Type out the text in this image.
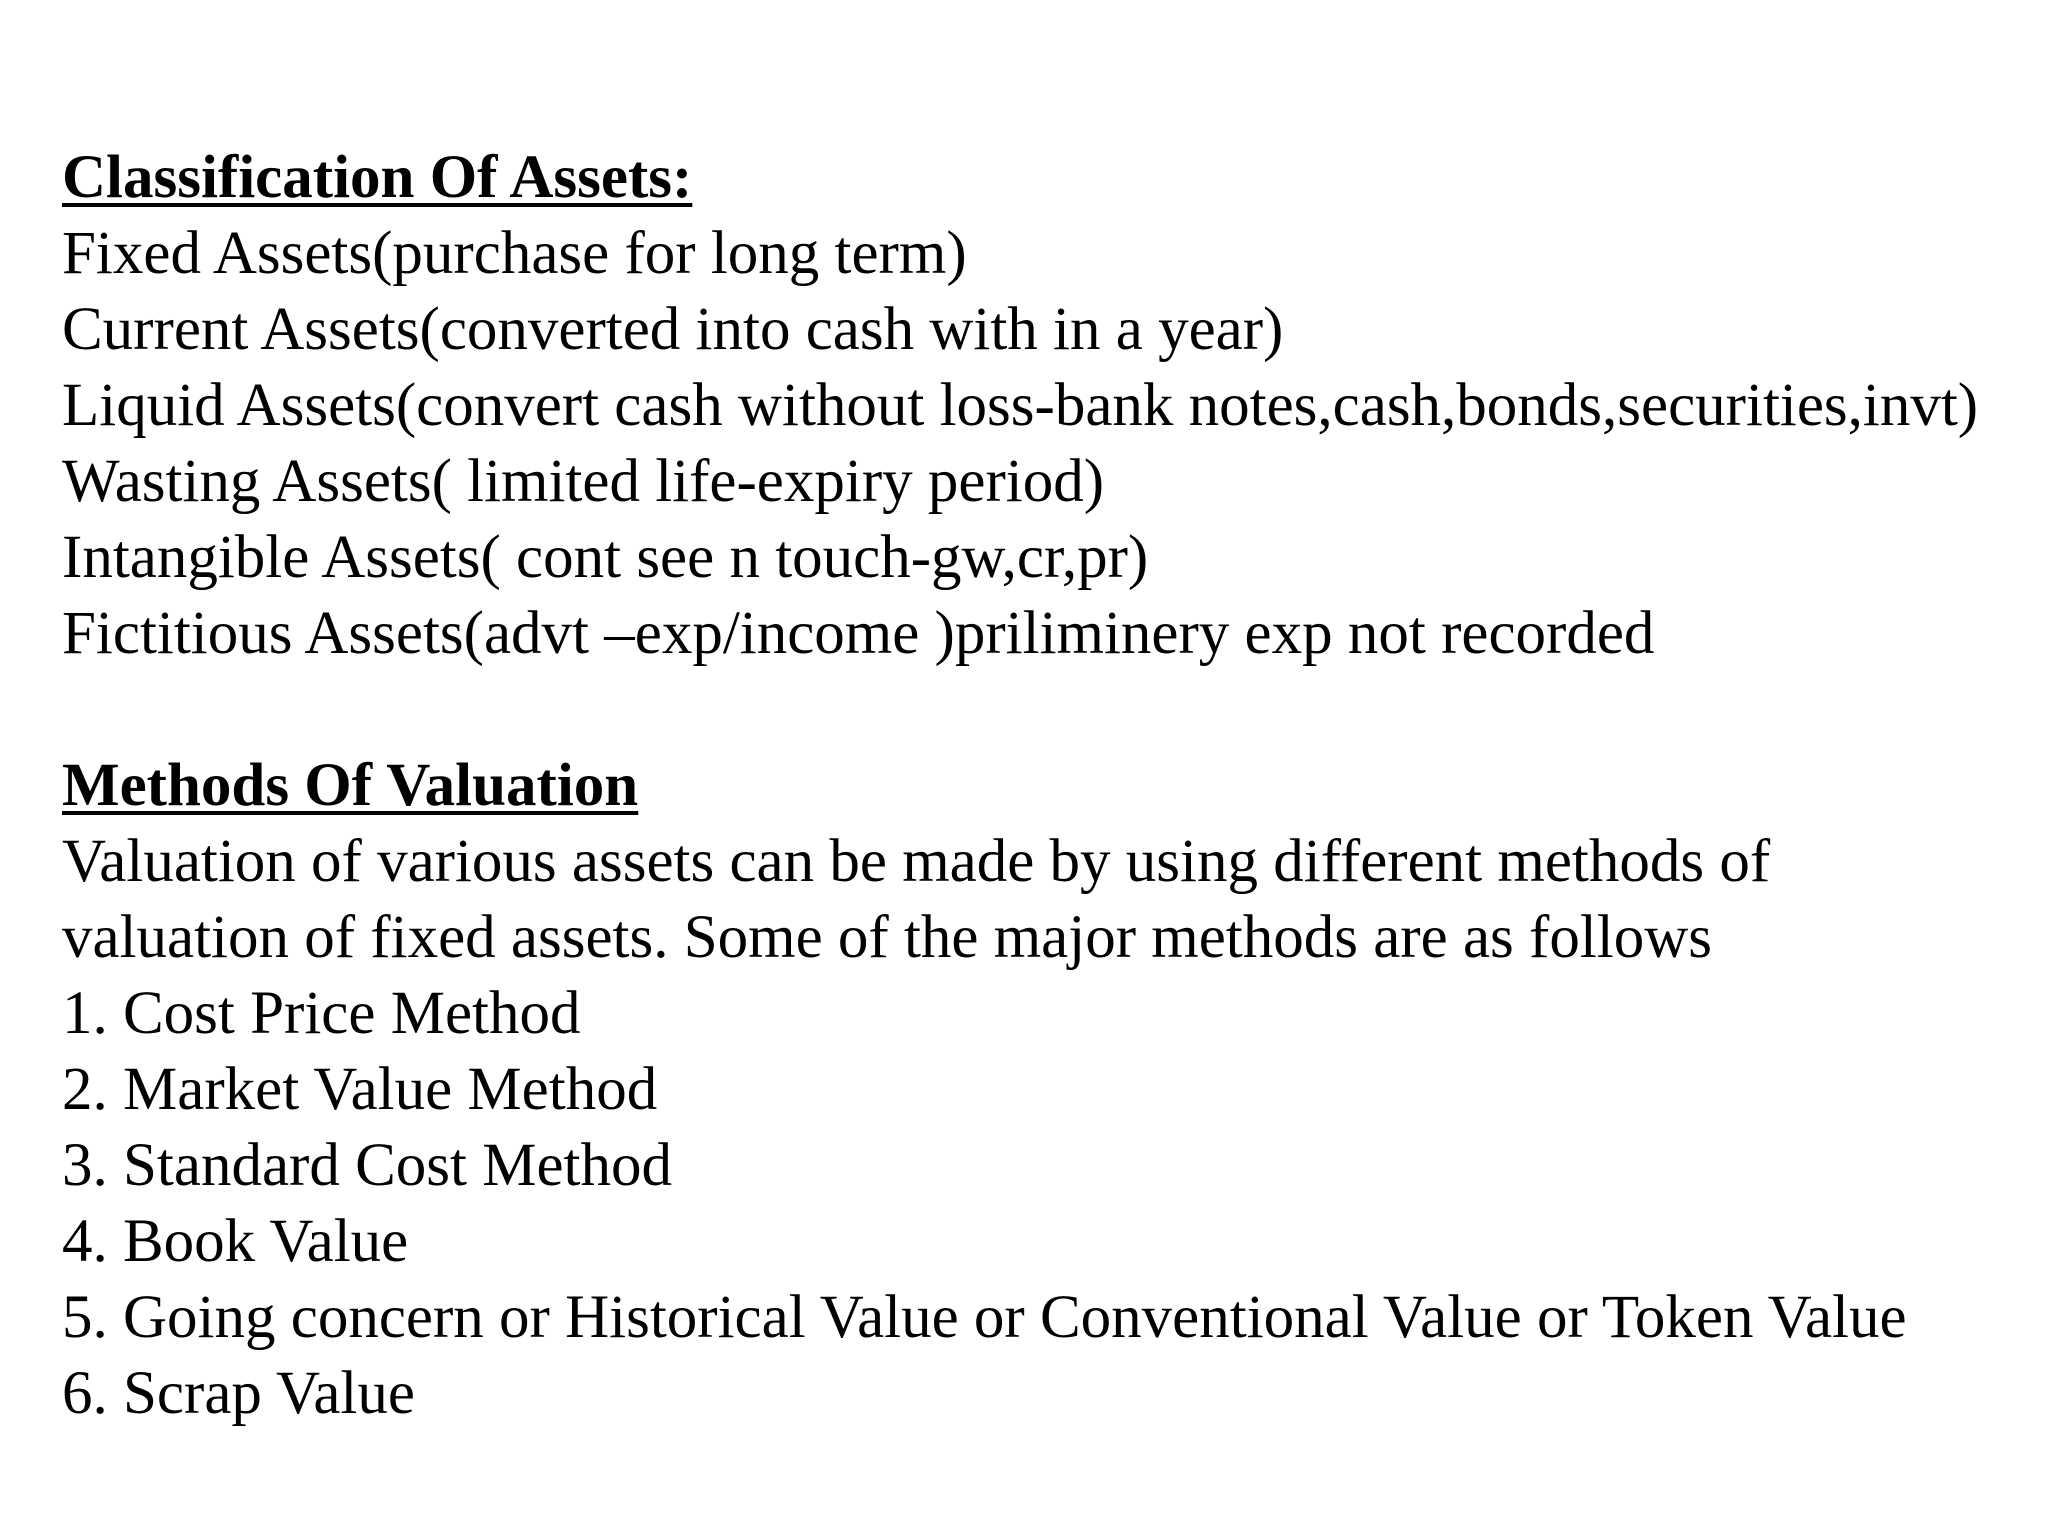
Classification Of Assets:
Fixed Assets(purchase for long term)
Current Assets(converted into cash with in a year)
Liquid Assets(convert cash without loss-bank notes,cash,bonds,securities,invt)
Wasting Assets( limited life-expiry period)
Intangible Assets( cont see n touch-gw,cr,pr)
Fictitious Assets(advt –exp/income )priliminery exp not recorded
Methods Of Valuation
Valuation of various assets can be made by using different methods of
valuation of fixed assets. Some of the major methods are as follows
1. Cost Price Method
2. Market Value Method
3. Standard Cost Method
4. Book Value
5. Going concern or Historical Value or Conventional Value or Token Value
6. Scrap Value
